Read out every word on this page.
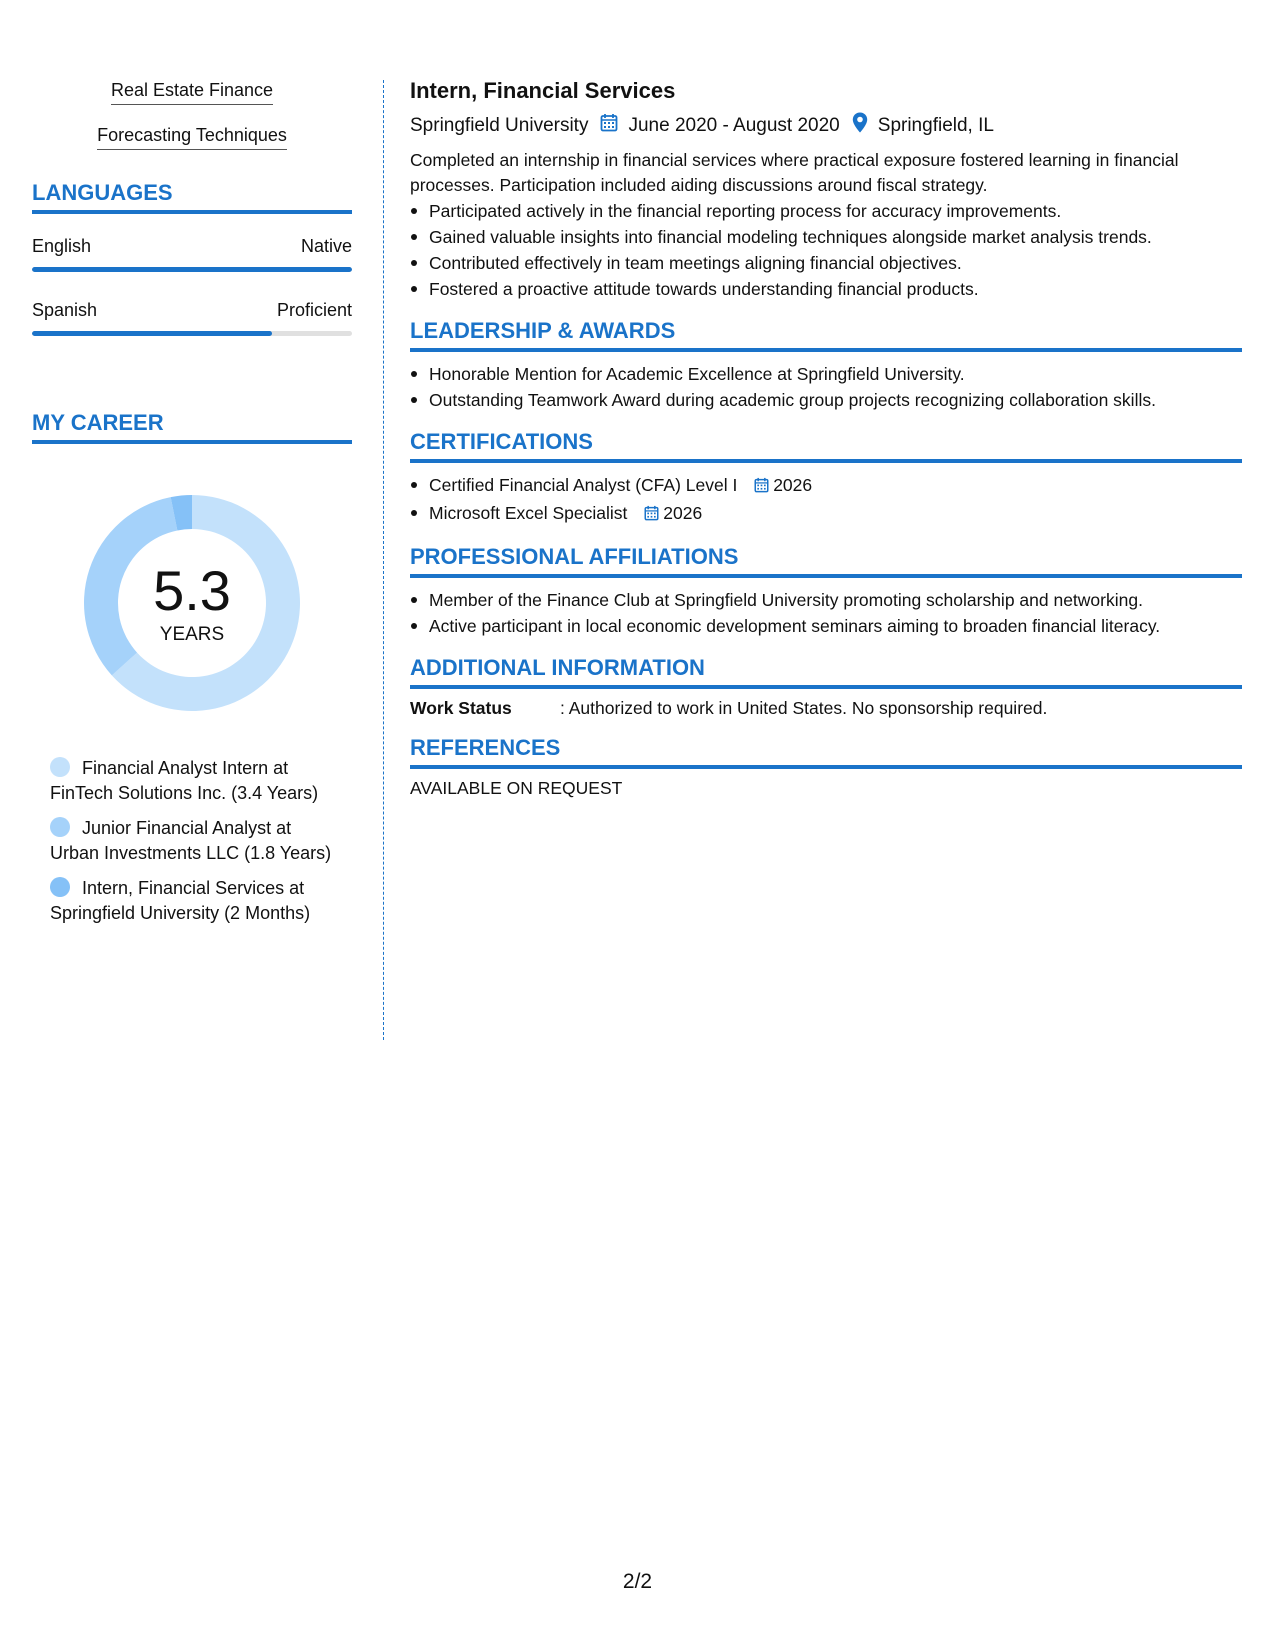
Real Estate Finance
Forecasting Techniques
LANGUAGES
English	Native
Spanish	Proficient
MY CAREER
5.3
YEARS
Financial Analyst Intern at FinTech Solutions Inc. (3.4 Years)
Junior Financial Analyst at Urban Investments LLC (1.8 Years)
Intern, Financial Services at Springfield University (2 Months)
Intern, Financial Services
Springfield University June 2020 - August 2020 Springfield, IL
Completed an internship in financial services where practical exposure fostered learning in financial processes. Participation included aiding discussions around fiscal strategy.
Participated actively in the financial reporting process for accuracy improvements.
Gained valuable insights into financial modeling techniques alongside market analysis trends.
Contributed effectively in team meetings aligning financial objectives.
Fostered a proactive attitude towards understanding financial products.
LEADERSHIP & AWARDS
Honorable Mention for Academic Excellence at Springfield University.
Outstanding Teamwork Award during academic group projects recognizing collaboration skills.
CERTIFICATIONS
Certified Financial Analyst (CFA) Level I 2026
Microsoft Excel Specialist 2026
PROFESSIONAL AFFILIATIONS
Member of the Finance Club at Springfield University promoting scholarship and networking.
Active participant in local economic development seminars aiming to broaden financial literacy.
ADDITIONAL INFORMATION
Work Status	: Authorized to work in United States. No sponsorship required.
REFERENCES
AVAILABLE ON REQUEST
2/2
